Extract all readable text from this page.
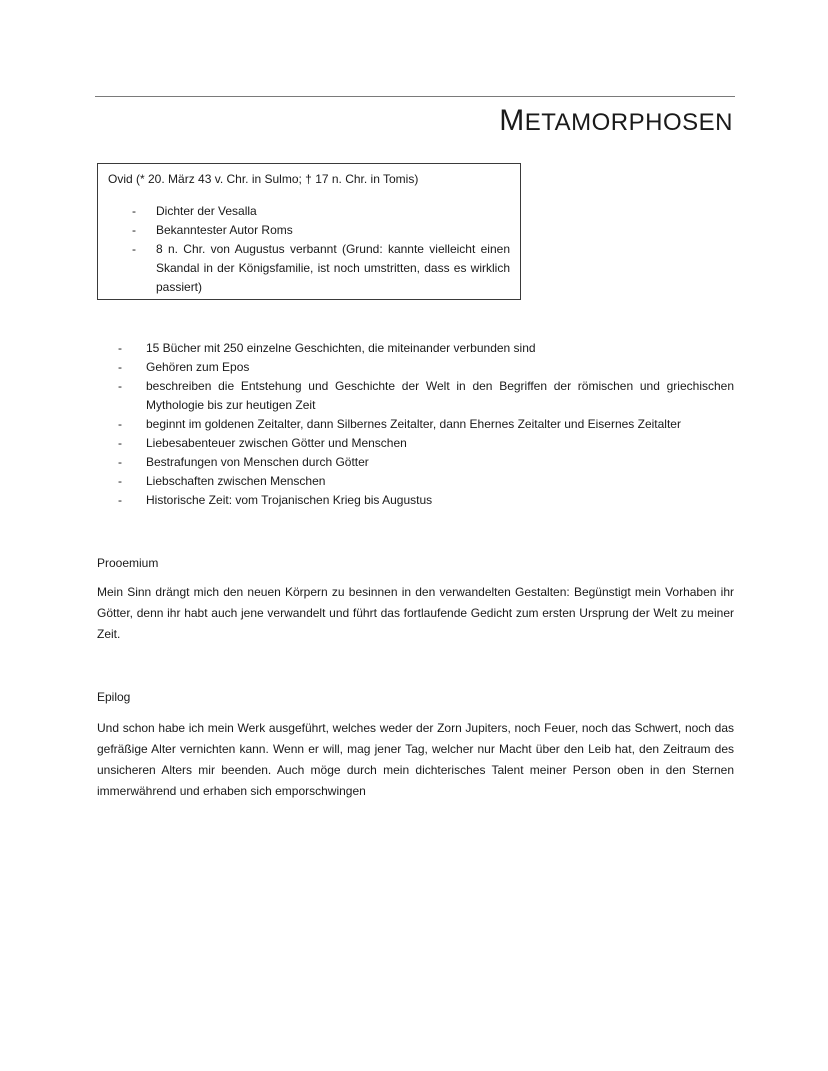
METAMORPHOSEN
Ovid (* 20. März 43 v. Chr. in Sulmo; † 17 n. Chr. in Tomis)
- Dichter der Vesalla
- Bekanntester Autor Roms
- 8 n. Chr. von Augustus verbannt (Grund: kannte vielleicht einen Skandal in der Königsfamilie, ist noch umstritten, dass es wirklich passiert)
- 15 Bücher mit 250 einzelne Geschichten, die miteinander verbunden sind
- Gehören zum Epos
- beschreiben die Entstehung und Geschichte der Welt in den Begriffen der römischen und griechischen Mythologie bis zur heutigen Zeit
- beginnt im goldenen Zeitalter, dann Silbernes Zeitalter, dann Ehernes Zeitalter und Eisernes Zeitalter
- Liebesabenteuer zwischen Götter und Menschen
- Bestrafungen von Menschen durch Götter
- Liebschaften zwischen Menschen
- Historische Zeit: vom Trojanischen Krieg bis Augustus
Prooemium
Mein Sinn drängt mich den neuen Körpern zu besinnen in den verwandelten Gestalten: Begünstigt mein Vorhaben ihr Götter, denn ihr habt auch jene verwandelt und führt das fortlaufende Gedicht zum ersten Ursprung der Welt zu meiner Zeit.
Epilog
Und schon habe ich mein Werk ausgeführt, welches weder der Zorn Jupiters, noch Feuer, noch das Schwert, noch das gefräßige Alter vernichten kann. Wenn er will, mag jener Tag, welcher nur Macht über den Leib hat, den Zeitraum des unsicheren Alters mir beenden. Auch möge durch mein dichterisches Talent meiner Person oben in den Sternen immerwährend und erhaben sich emporschwingen
